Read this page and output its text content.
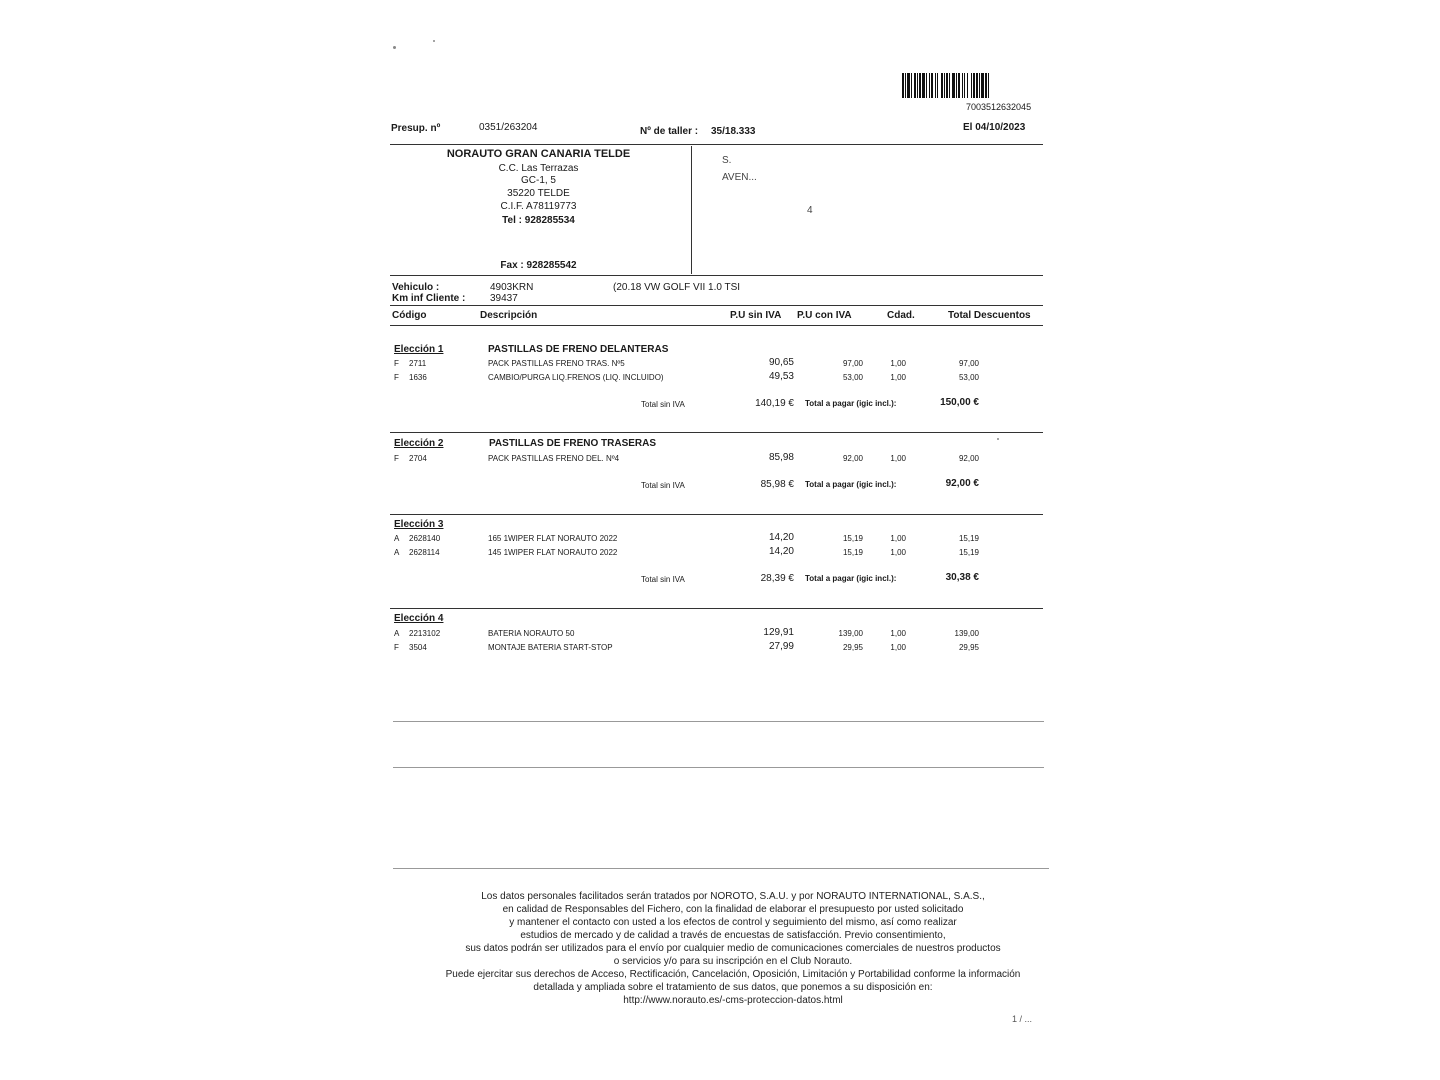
7003512632045
Presup. nº	0351/263204	Nº de taller : 35/18.333	El 04/10/2023
NORAUTO GRAN CANARIA TELDE
C.C. Las Terrazas
GC-1, 5
35220 TELDE
C.I.F. A78119773
Tel : 928285534
Fax : 928285542
S.
AVEN...
4
Vehiculo :	4903KRN	(20.18 VW GOLF VII 1.0 TSI
Km inf Cliente : 39437
Código	Descripción	P.U sin IVA P.U con IVA	Cdad.	Total Descuentos
Elección 1	PASTILLAS DE FRENO DELANTERAS
F 2711	PACK PASTILLAS FRENO TRAS. Nº5	90,65	97,00	1,00	97,00
F 1636	CAMBIO/PURGA LIQ.FRENOS (LIQ. INCLUIDO)	49,53	53,00	1,00	53,00
Total sin IVA	140,19 € Total a pagar (igic incl.):	150,00 €
Elección 2	PASTILLAS DE FRENO TRASERAS
F 2704	PACK PASTILLAS FRENO DEL. Nº4	85,98	92,00	1,00	92,00
Total sin IVA	85,98 € Total a pagar (igic incl.):	92,00 €
Elección 3
A 2628140	165 1WIPER FLAT NORAUTO 2022	14,20	15,19	1,00	15,19
A 2628114	145 1WIPER FLAT NORAUTO 2022	14,20	15,19	1,00	15,19
Total sin IVA	28,39 € Total a pagar (igic incl.):	30,38 €
Elección 4
A 2213102	BATERIA NORAUTO 50	129,91	139,00	1,00	139,00
F 3504	MONTAJE BATERIA START-STOP	27,99	29,95	1,00	29,95
Los datos personales facilitados serán tratados por NOROTO, S.A.U. y por NORAUTO INTERNATIONAL, S.A.S.,
en calidad de Responsables del Fichero, con la finalidad de elaborar el presupuesto por usted solicitado
y mantener el contacto con usted a los efectos de control y seguimiento del mismo, así como realizar
estudios de mercado y de calidad a través de encuestas de satisfacción. Previo consentimiento,
sus datos podrán ser utilizados para el envío por cualquier medio de comunicaciones comerciales de nuestros productos
o servicios y/o para su inscripción en el Club Norauto.
Puede ejercitar sus derechos de Acceso, Rectificación, Cancelación, Oposición, Limitación y Portabilidad conforme la información
detallada y ampliada sobre el tratamiento de sus datos, que ponemos a su disposición en:
http://www.norauto.es/-cms-proteccion-datos.html
1 / ...
